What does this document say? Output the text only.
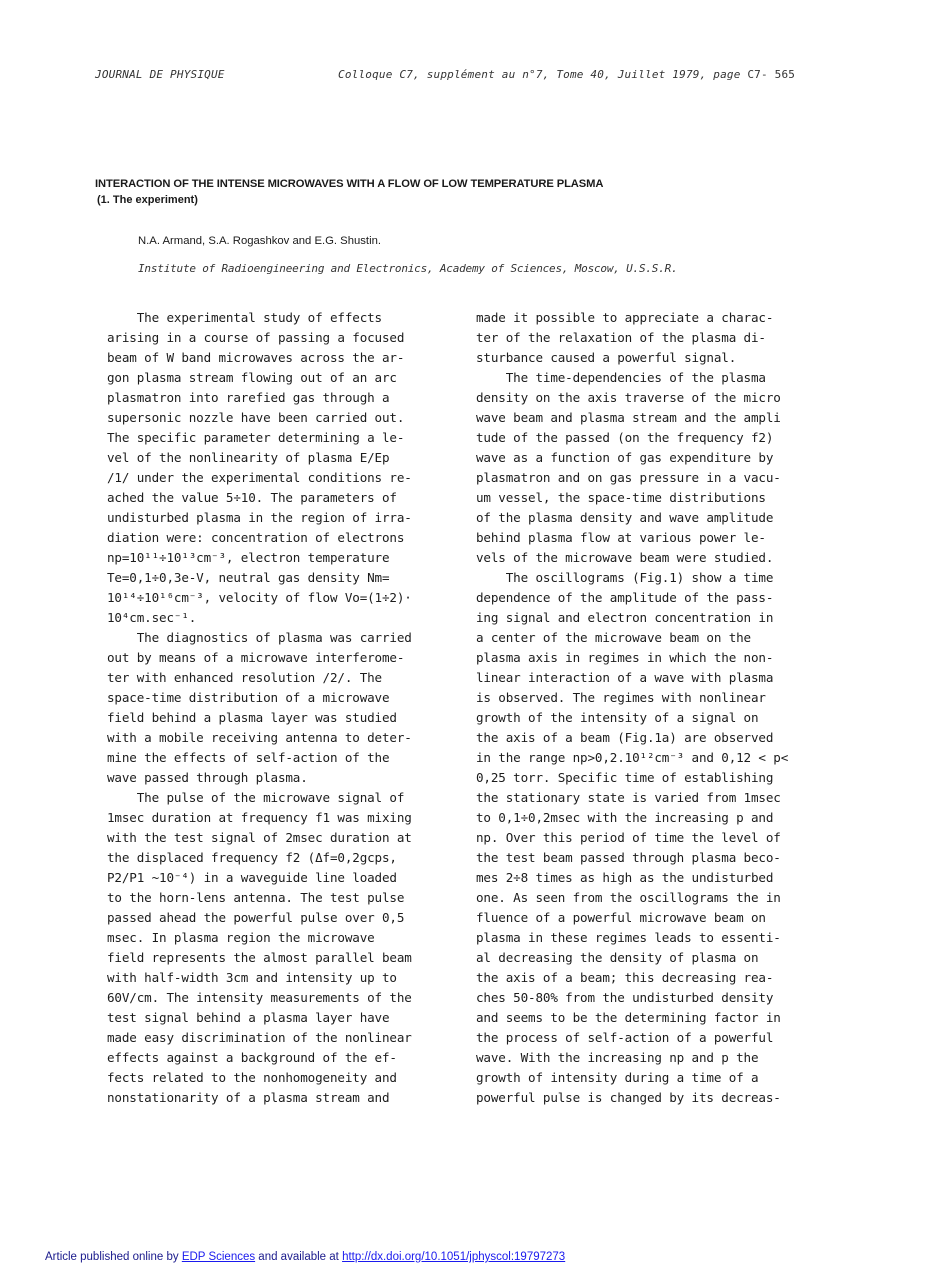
JOURNAL DE PHYSIQUE	Colloque C7, supplément au n°7, Tome 40, Juillet 1979, page C7- 565
INTERACTION OF THE INTENSE MICROWAVES WITH A FLOW OF LOW TEMPERATURE PLASMA
(1. The experiment)
N.A. Armand, S.A. Rogashkov and E.G. Shustin.
Institute of Radioengineering and Electronics, Academy of Sciences, Moscow, U.S.S.R.
The experimental study of effects
arising in a course of passing a focused
beam of W band microwaves across the ar-
gon plasma stream flowing out of an arc
plasmatron into rarefied gas through a
supersonic nozzle have been carried out.
The specific parameter determining a le-
vel of the nonlinearity of plasma E/Ep
/1/ under the experimental conditions re-
ached the value 5÷10. The parameters of
undisturbed plasma in the region of irra-
diation were: concentration of electrons
np=10¹¹÷10¹³cm⁻³, electron temperature
Te=0,1÷0,3e-V, neutral gas density Nm=
10¹⁴÷10¹⁶cm⁻³, velocity of flow Vo=(1÷2)·
10⁴cm.sec⁻¹.
The diagnostics of plasma was carried
out by means of a microwave interferome-
ter with enhanced resolution /2/. The
space-time distribution of a microwave
field behind a plasma layer was studied
with a mobile receiving antenna to deter-
mine the effects of self-action of the
wave passed through plasma.
The pulse of the microwave signal of
1msec duration at frequency f1 was mixing
with the test signal of 2msec duration at
the displaced frequency f2 (Δf=0,2gcps,
P2/P1 ~10⁻⁴) in a waveguide line loaded
to the horn-lens antenna. The test pulse
passed ahead the powerful pulse over 0,5
msec. In plasma region the microwave
field represents the almost parallel beam
with half-width 3cm and intensity up to
60V/cm. The intensity measurements of the
test signal behind a plasma layer have
made easy discrimination of the nonlinear
effects against a background of the ef-
fects related to the nonhomogeneity and
nonstationarity of a plasma stream and
made it possible to appreciate a charac-
ter of the relaxation of the plasma di-
sturbance caused a powerful signal.
The time-dependencies of the plasma
density on the axis traverse of the micro
wave beam and plasma stream and the ampli
tude of the passed (on the frequency f2)
wave as a function of gas expenditure by
plasmatron and on gas pressure in a vacu-
um vessel, the space-time distributions
of the plasma density and wave amplitude
behind plasma flow at various power le-
vels of the microwave beam were studied.
The oscillograms (Fig.1) show a time
dependence of the amplitude of the pass-
ing signal and electron concentration in
a center of the microwave beam on the
plasma axis in regimes in which the non-
linear interaction of a wave with plasma
is observed. The regimes with nonlinear
growth of the intensity of a signal on
the axis of a beam (Fig.1a) are observed
in the range np>0,2.10¹²cm⁻³ and 0,12 < p<
0,25 torr. Specific time of establishing
the stationary state is varied from 1msec
to 0,1÷0,2msec with the increasing p and
np. Over this period of time the level of
the test beam passed through plasma beco-
mes 2÷8 times as high as the undisturbed
one. As seen from the oscillograms the in
fluence of a powerful microwave beam on
plasma in these regimes leads to essenti-
al decreasing the density of plasma on
the axis of a beam; this decreasing rea-
ches 50-80% from the undisturbed density
and seems to be the determining factor in
the process of self-action of a powerful
wave. With the increasing np and p the
growth of intensity during a time of a
powerful pulse is changed by its decreas-
Article published online by EDP Sciences and available at http://dx.doi.org/10.1051/jphyscol:19797273
